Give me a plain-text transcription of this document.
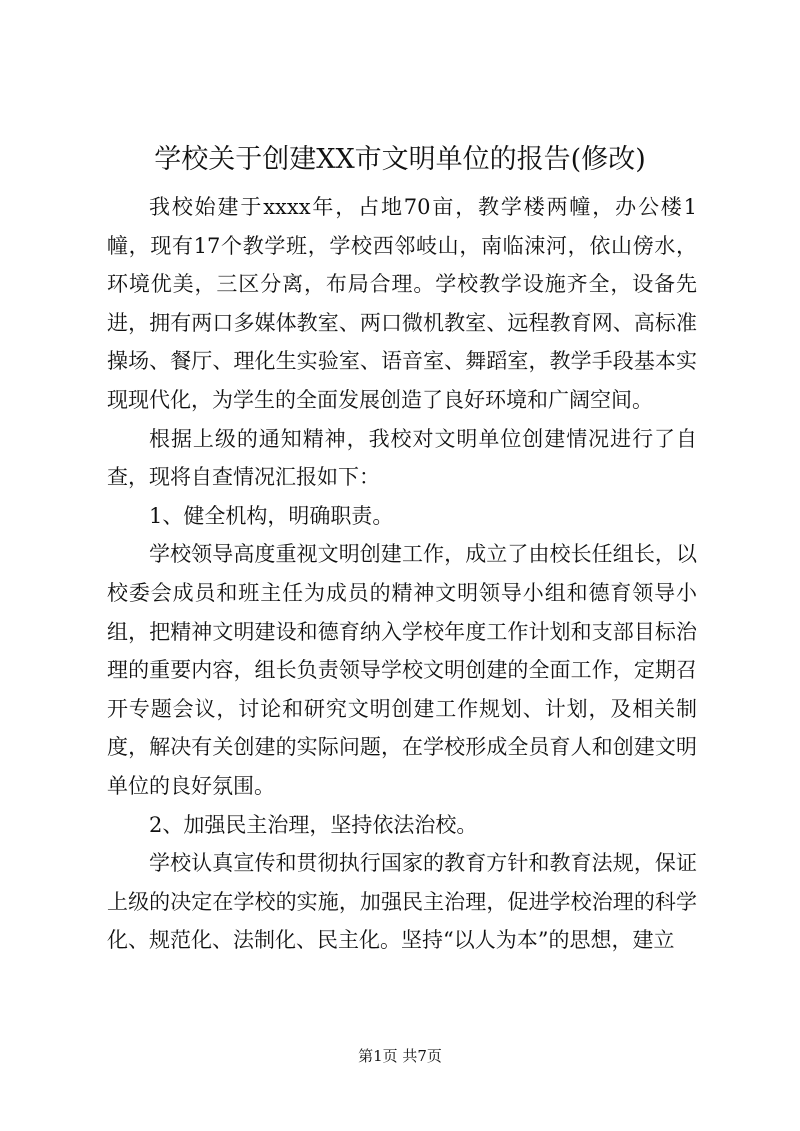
学校关于创建XX市文明单位的报告(修改)

我校始建于xxxx年，占地70亩，教学楼两幢，办公楼1幢，现有17个教学班，学校西邻岐山，南临涑河，依山傍水，环境优美，三区分离，布局合理。学校教学设施齐全，设备先进，拥有两口多媒体教室、两口微机教室、远程教育网、高标准操场、餐厅、理化生实验室、语音室、舞蹈室，教学手段基本实现现代化，为学生的全面发展创造了良好环境和广阔空间。

根据上级的通知精神，我校对文明单位创建情况进行了自查，现将自查情况汇报如下：

1、健全机构，明确职责。

学校领导高度重视文明创建工作，成立了由校长任组长，以校委会成员和班主任为成员的精神文明领导小组和德育领导小组，把精神文明建设和德育纳入学校年度工作计划和支部目标治理的重要内容，组长负责领导学校文明创建的全面工作，定期召开专题会议，讨论和研究文明创建工作规划、计划，及相关制度，解决有关创建的实际问题，在学校形成全员育人和创建文明单位的良好氛围。

2、加强民主治理，坚持依法治校。

学校认真宣传和贯彻执行国家的教育方针和教育法规，保证上级的决定在学校的实施，加强民主治理，促进学校治理的科学化、规范化、法制化、民主化。坚持“以人为本”的思想，建立

第1页 共7页
